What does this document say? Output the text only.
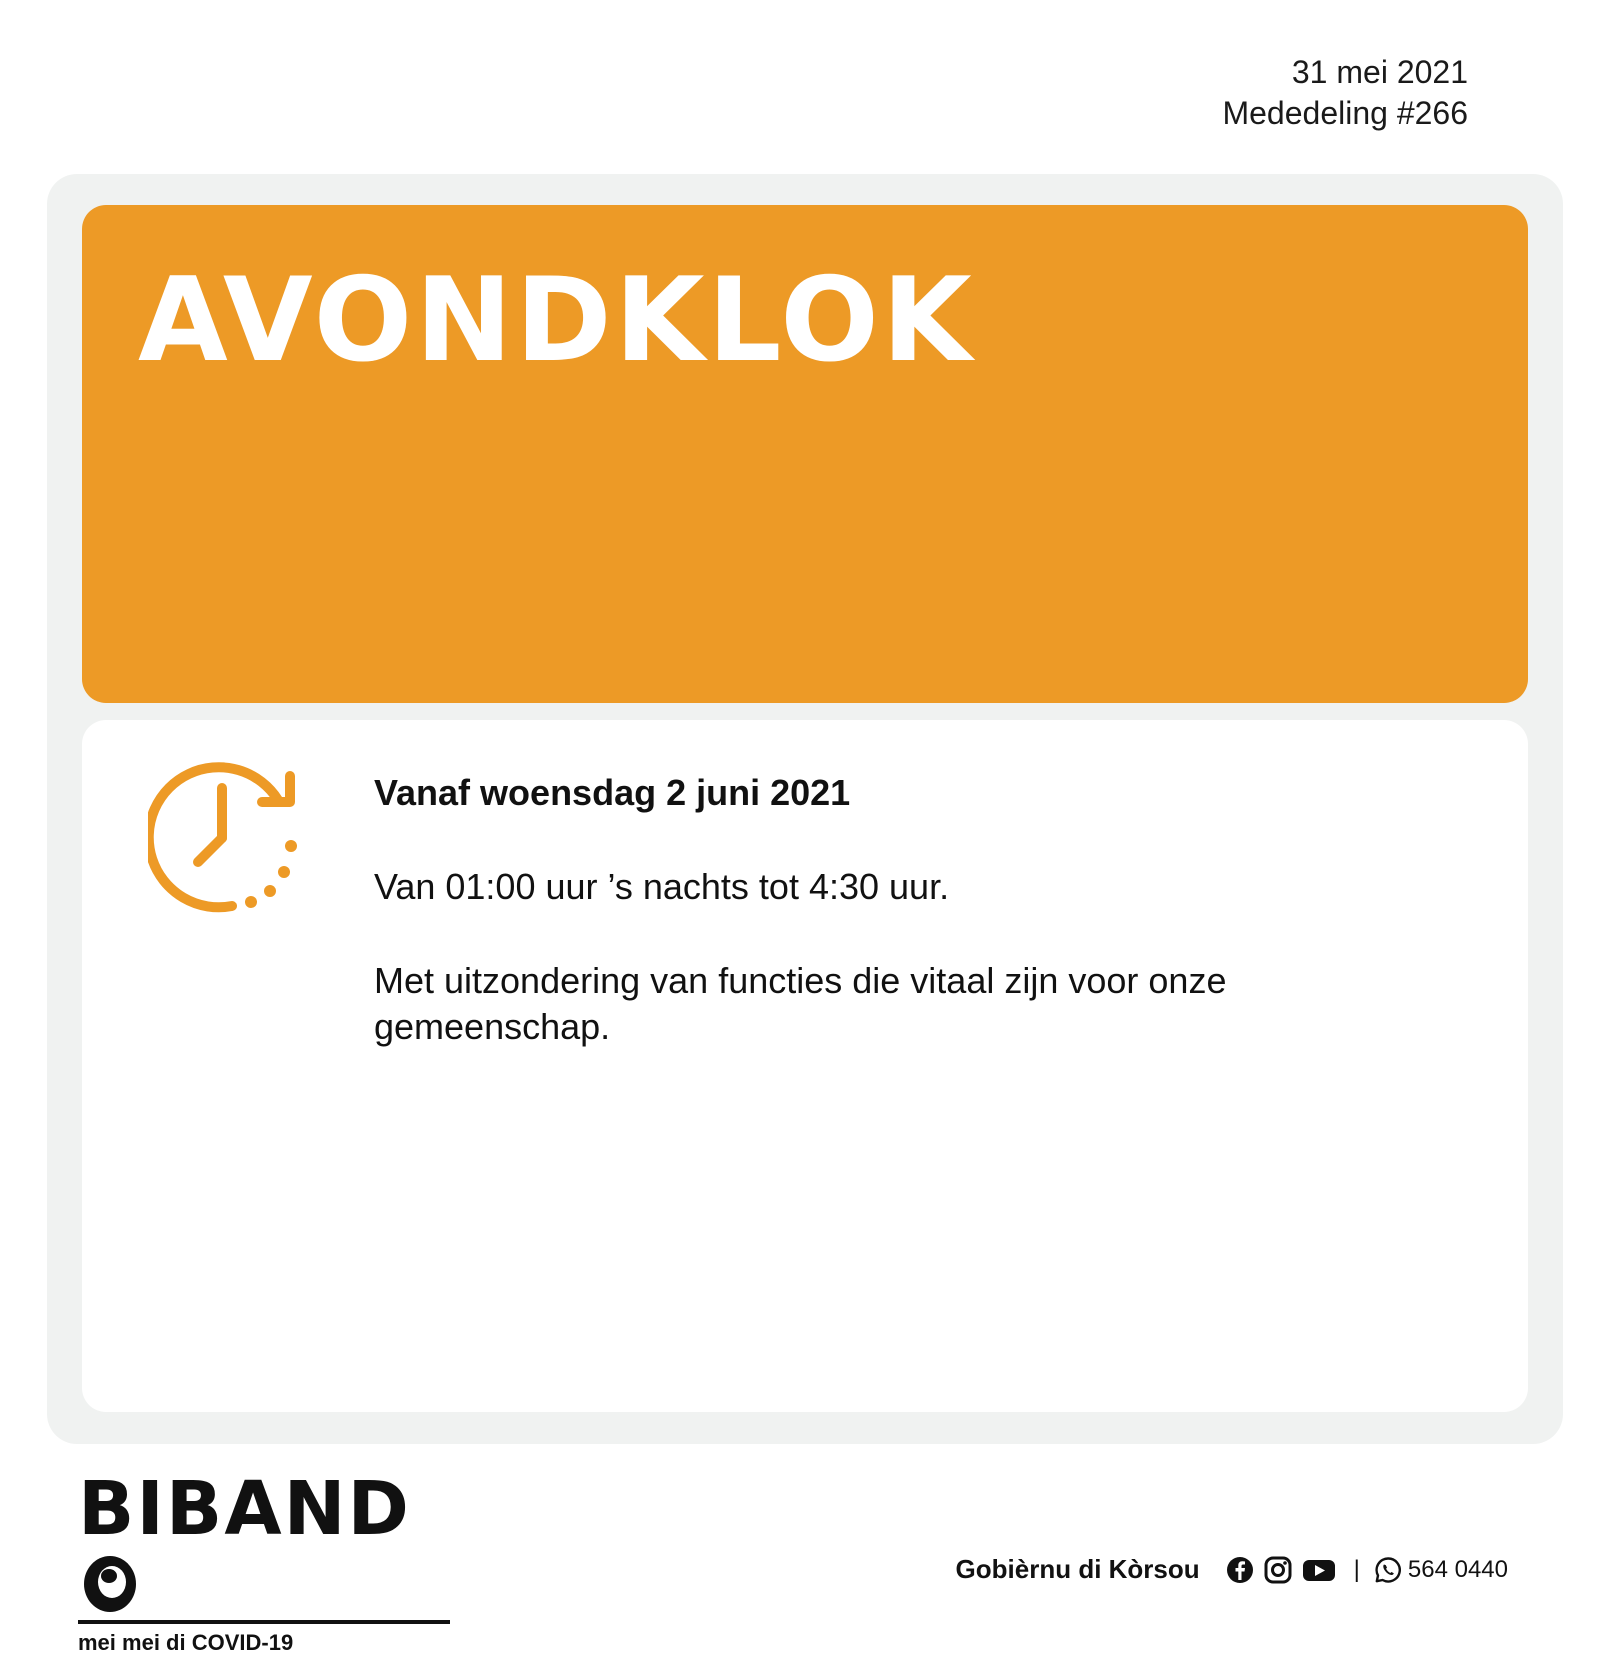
31 mei 2021
Mededeling #266
AVONDKLOK

Vanaf woensdag 2 juni 2021

Van 01:00 uur ’s nachts tot 4:30 uur.

Met uitzondering van functies die vitaal zijn voor onze gemeenschap.

BIBAND
mei mei di COVID-19
Gobièrnu di Kòrsou	| 564 0440
